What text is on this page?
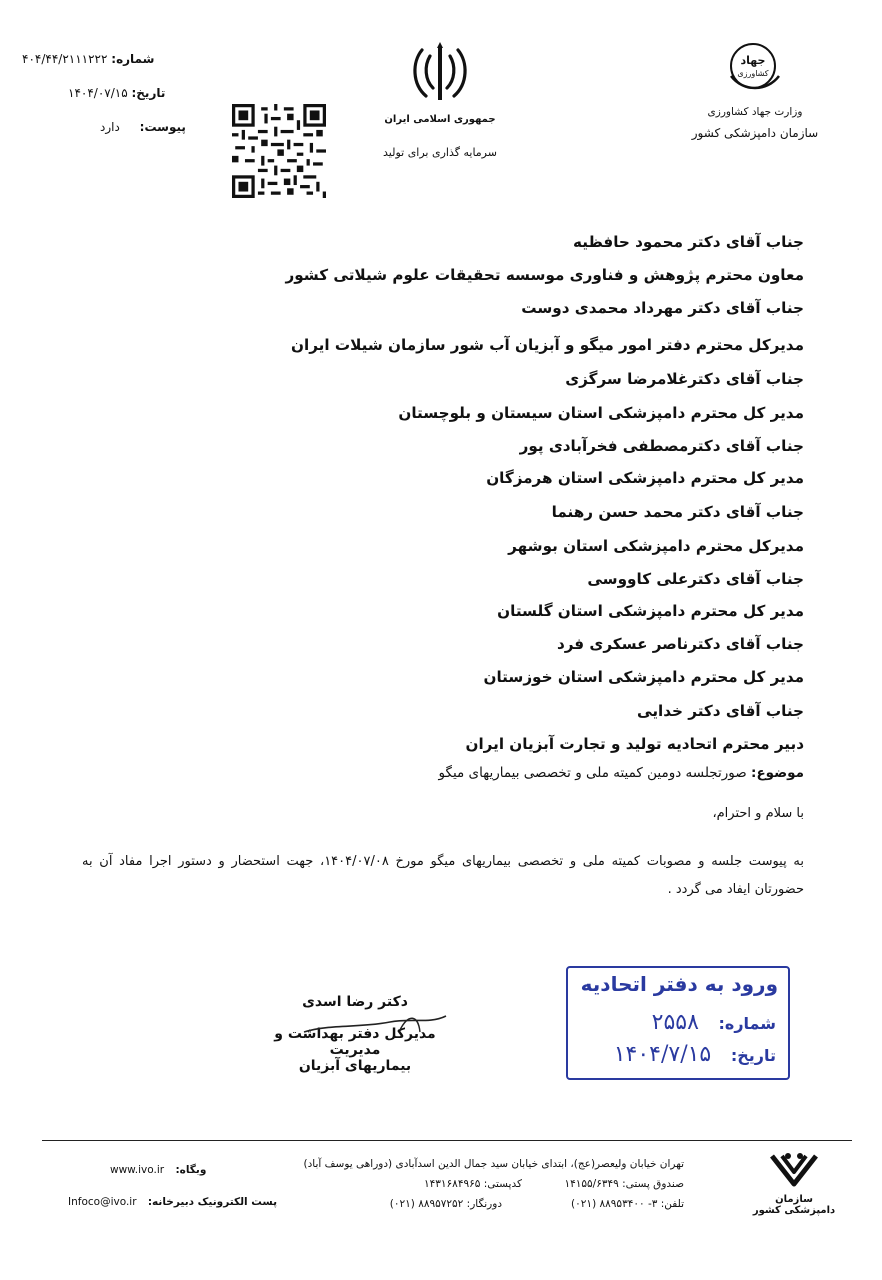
شماره: ۴۰۴/۴۴/۲۱۱۱۲۲۲
تاریخ: ۱۴۰۴/۰۷/۱۵
پیوست: دارد
جمهوری اسلامی ایران
سرمایه گذاری برای تولید
جهاد
کشاورزی
وزارت جهاد کشاورزی
سازمان دامپزشکی کشور
جناب آقای دکتر محمود حافظیه
معاون محترم پژوهش و فناوری موسسه تحقیقات علوم شیلاتی کشور
جناب آقای دکتر مهرداد محمدی دوست
مدیرکل محترم دفتر امور میگو و آبزیان آب شور سازمان شیلات ایران
جناب آقای دکترغلامرضا سرگزی
مدیر کل محترم دامپزشکی استان سیستان و بلوچستان
جناب آقای دکترمصطفی فخرآبادی پور
مدیر کل محترم دامپزشکی استان هرمزگان
جناب آقای دکتر محمد حسن رهنما
مدیرکل محترم دامپزشکی استان بوشهر
جناب آقای دکترعلی کاووسی
مدیر کل محترم دامپزشکی استان گلستان
جناب آقای دکترناصر عسکری فرد
مدیر کل محترم دامپزشکی استان خوزستان
جناب آقای دکتر خدایی
دبیر محترم اتحادیه تولید و تجارت آبزیان ایران
موضوع: صورتجلسه دومین کمیته ملی و تخصصی بیماریهای میگو
با سلام و احترام،
به پیوست جلسه و مصوبات کمیته ملی و تخصصی بیماریهای میگو مورخ ۱۴۰۴/۰۷/۰۸، جهت استحضار و دستور اجرا مفاد آن به حضورتان ایفاد می گردد .
ورود به دفتر اتحادیه
شماره: ۲۵۵۸
تاریخ: ۱۴۰۴/۷/۱۵
دکتر رضا اسدی
مدیرکل دفتر بهداشت و مدیریت
بیماریهای آبزیان
تهران خیابان ولیعصر(عج)، ابتدای خیابان سید جمال الدین اسدآبادی (دوراهی یوسف آباد)
صندوق پستی: ۱۴۱۵۵/۶۳۴۹
کدپستی: ۱۴۳۱۶۸۴۹۶۵
تلفن: ۳- ۸۸۹۵۳۴۰۰ (۰۲۱)
دورنگار: ۸۸۹۵۷۲۵۲ (۰۲۱)
وبگاه: www.ivo.ir
پست الکترونیک دبیرخانه: Infoco@ivo.ir	سازمان دامپزشکی کشور
